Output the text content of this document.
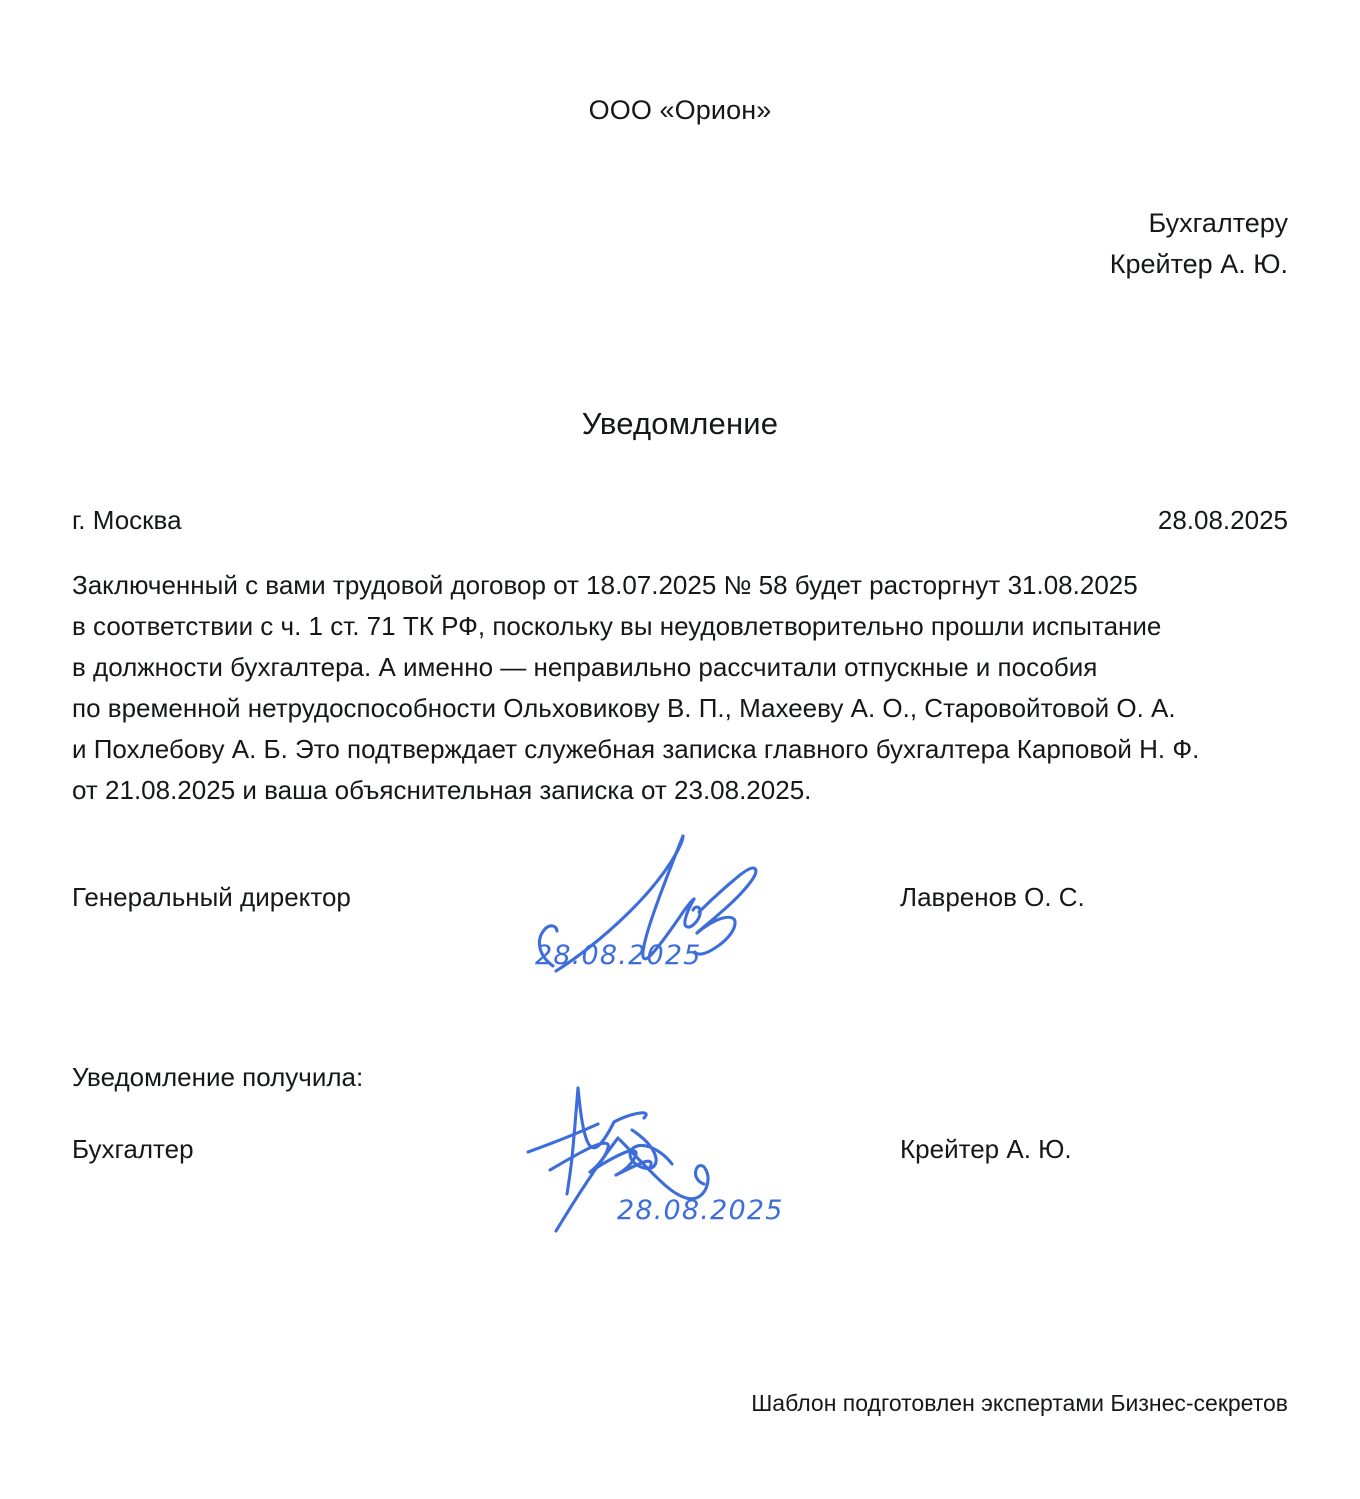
ООО «Орион»
Бухгалтеру
Крейтер А. Ю.
Уведомление
г. Москва	28.08.2025
Заключенный с вами трудовой договор от 18.07.2025 № 58 будет расторгнут 31.08.2025
в соответствии с ч. 1 ст. 71 ТК РФ, поскольку вы неудовлетворительно прошли испытание
в должности бухгалтера. А именно — неправильно рассчитали отпускные и пособия
по временной нетрудоспособности Ольховикову В. П., Махееву А. О., Старовойтовой О. А.
и Похлебову А. Б. Это подтверждает служебная записка главного бухгалтера Карповой Н. Ф.
от 21.08.2025 и ваша объяснительная записка от 23.08.2025.
Генеральный директор
28.08.2025
Лавренов О. С.
Уведомление получила:
Бухгалтер
28.08.2025
Крейтер А. Ю.
Шаблон подготовлен экспертами Бизнес-секретов
